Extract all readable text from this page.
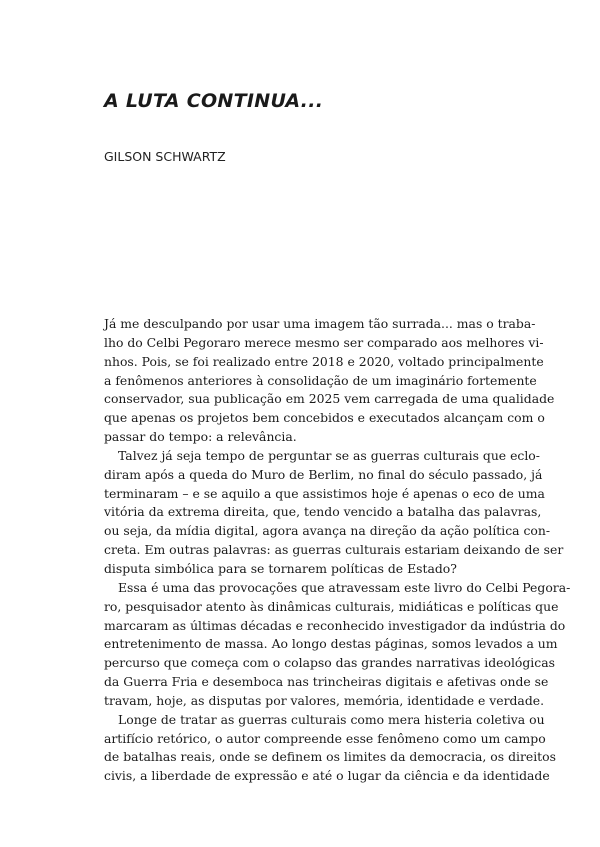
A LUTA CONTINUA...
GILSON SCHWARTZ

Já me desculpando por usar uma imagem tão surrada... mas o traba-
lho do Celbi Pegoraro merece mesmo ser comparado aos melhores vi-
nhos. Pois, se foi realizado entre 2018 e 2020, voltado principalmente
a fenômenos anteriores à consolidação de um imaginário fortemente
conservador, sua publicação em 2025 vem carregada de uma qualidade
que apenas os projetos bem concebidos e executados alcançam com o
passar do tempo: a relevância.

Talvez já seja tempo de perguntar se as guerras culturais que eclo-
diram após a queda do Muro de Berlim, no final do século passado, já
terminaram – e se aquilo a que assistimos hoje é apenas o eco de uma
vitória da extrema direita, que, tendo vencido a batalha das palavras,
ou seja, da mídia digital, agora avança na direção da ação política con-
creta. Em outras palavras: as guerras culturais estariam deixando de ser
disputa simbólica para se tornarem políticas de Estado?

Essa é uma das provocações que atravessam este livro do Celbi Pegora-
ro, pesquisador atento às dinâmicas culturais, midiáticas e políticas que
marcaram as últimas décadas e reconhecido investigador da indústria do
entretenimento de massa. Ao longo destas páginas, somos levados a um
percurso que começa com o colapso das grandes narrativas ideológicas
da Guerra Fria e desemboca nas trincheiras digitais e afetivas onde se
travam, hoje, as disputas por valores, memória, identidade e verdade.

Longe de tratar as guerras culturais como mera histeria coletiva ou
artifício retórico, o autor compreende esse fenômeno como um campo
de batalhas reais, onde se definem os limites da democracia, os direitos
civis, a liberdade de expressão e até o lugar da ciência e da identidade
